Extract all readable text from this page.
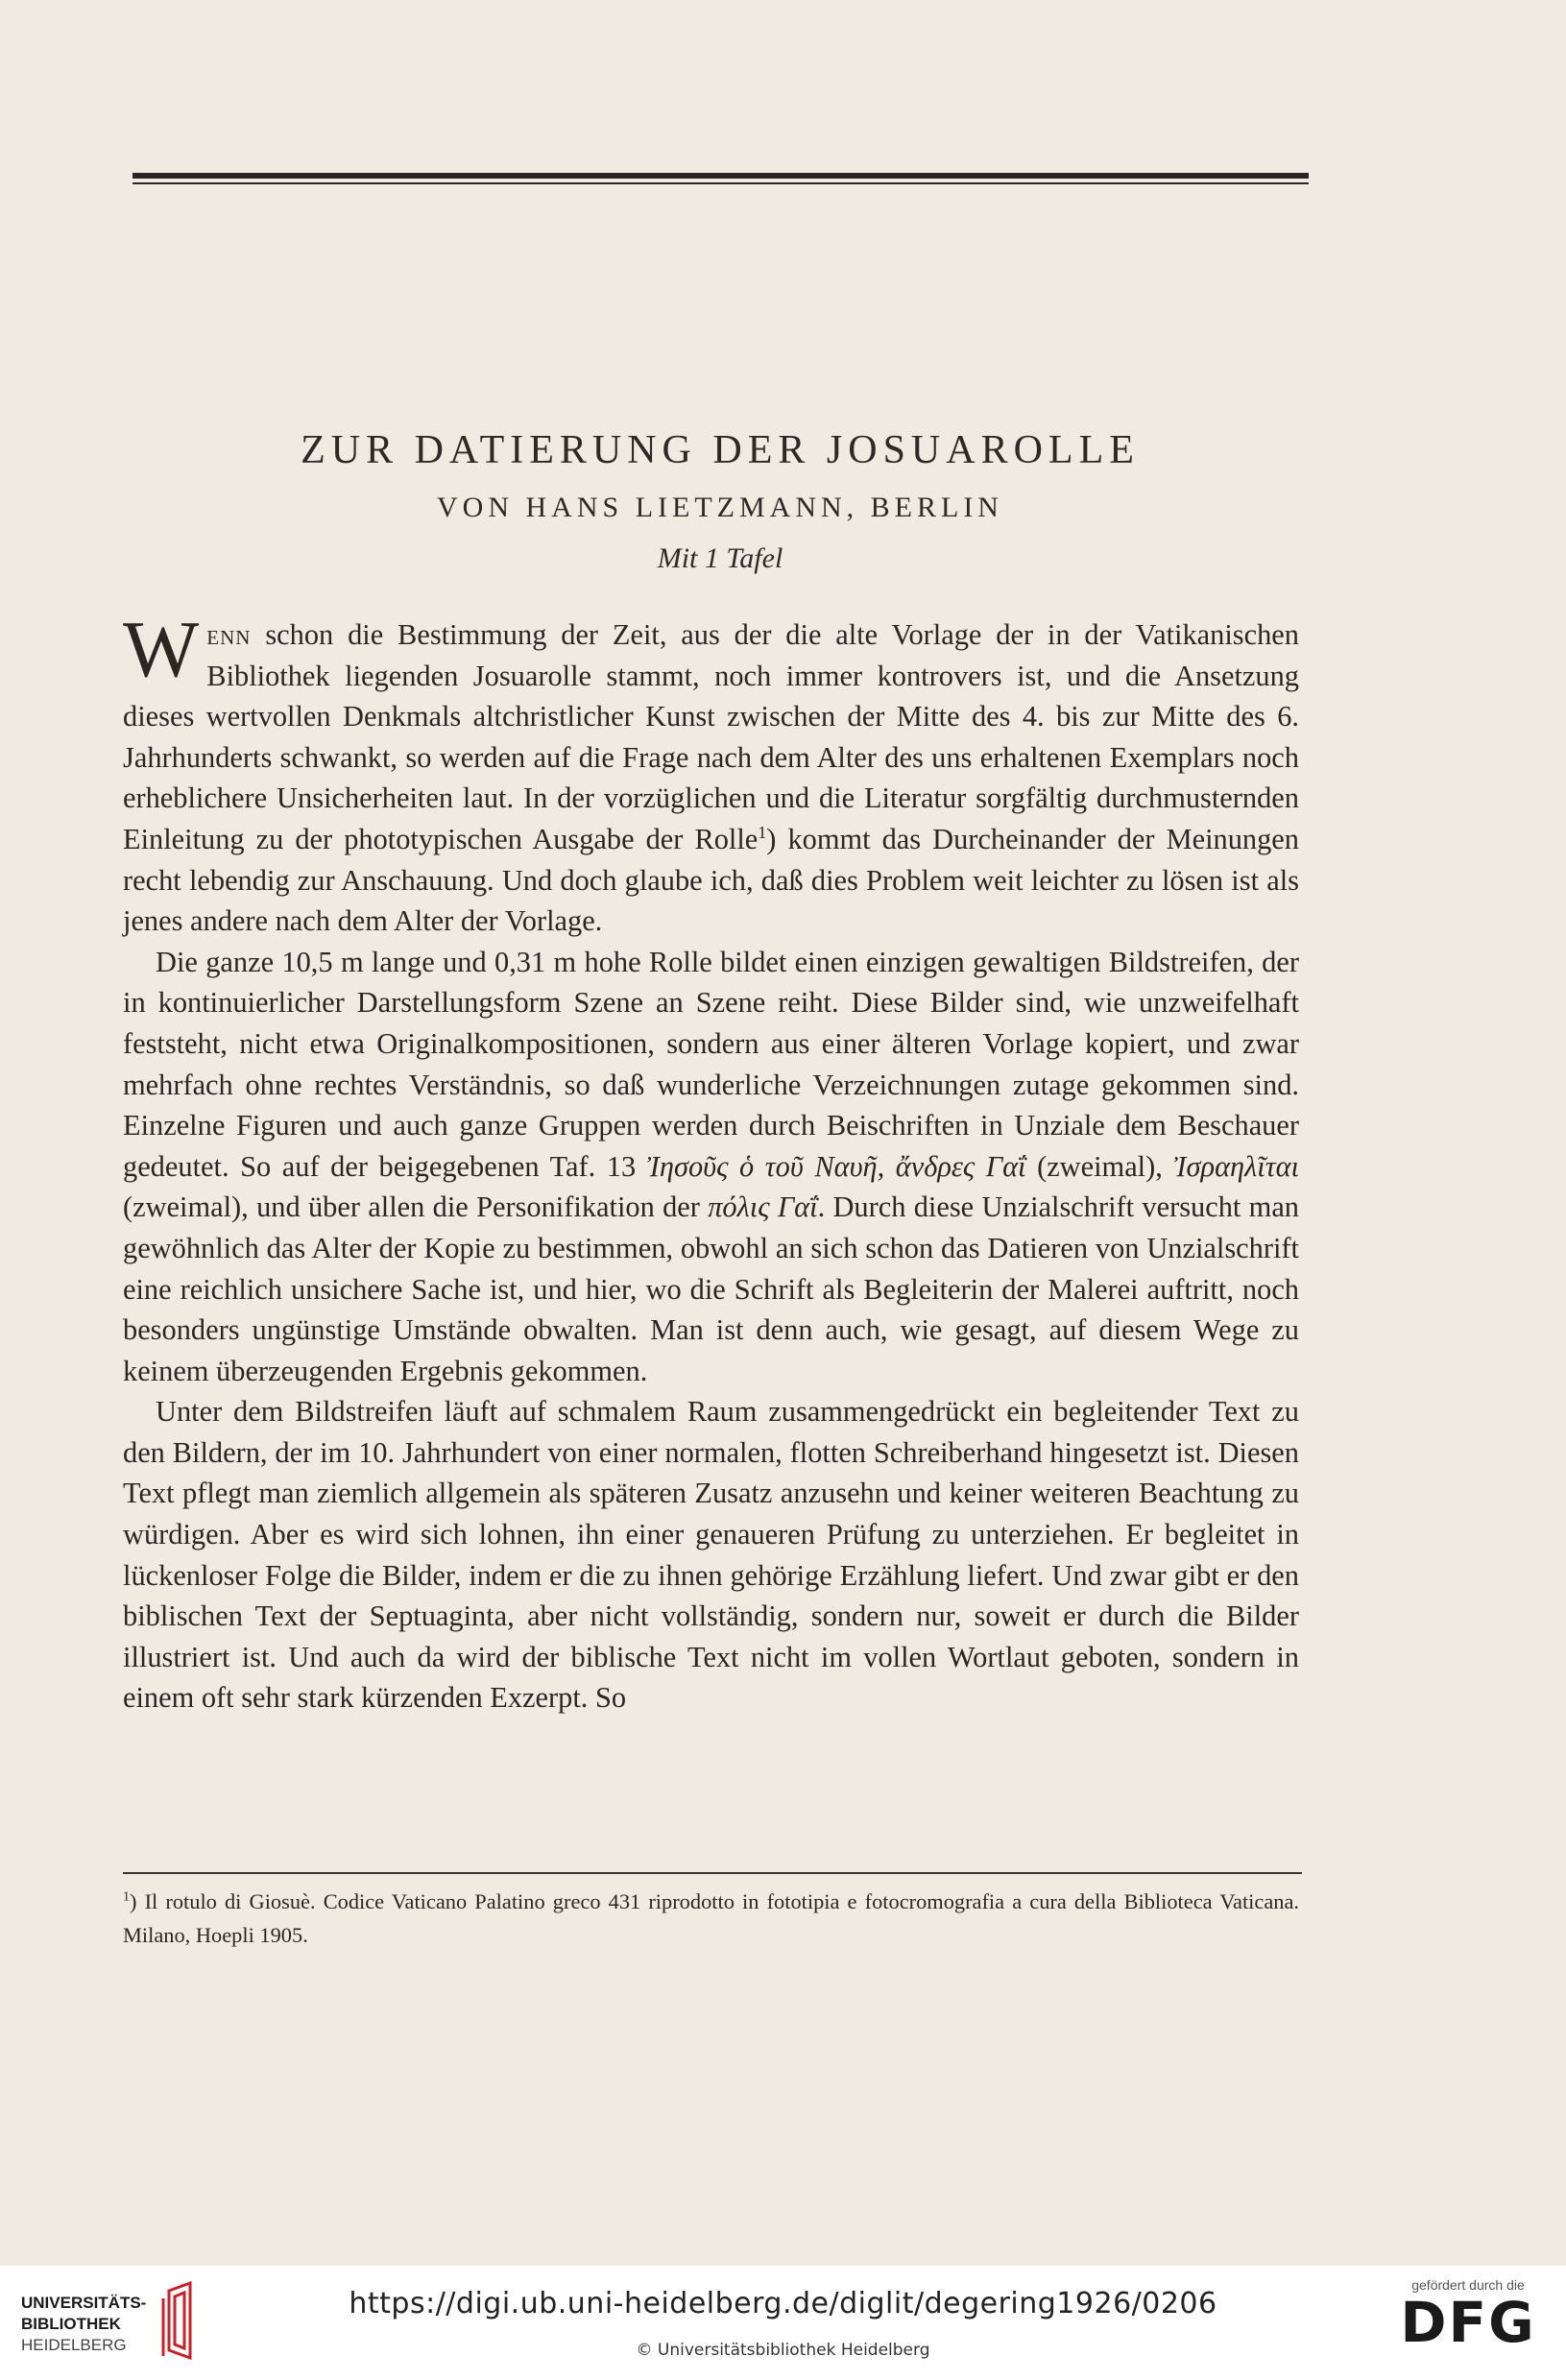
ZUR DATIERUNG DER JOSUAROLLE
VON HANS LIETZMANN, BERLIN
Mit 1 Tafel

Wenn schon die Bestimmung der Zeit, aus der die alte Vorlage der in der Vatikanischen Bibliothek liegenden Josuarolle stammt, noch immer kontrovers ist, und die Ansetzung dieses wertvollen Denkmals altchristlicher Kunst zwischen der Mitte des 4. bis zur Mitte des 6. Jahrhunderts schwankt, so werden auf die Frage nach dem Alter des uns erhaltenen Exemplars noch erheblichere Unsicherheiten laut. In der vorzüglichen und die Literatur sorgfältig durchmusternden Einleitung zu der phototypischen Ausgabe der Rolle$^1$) kommt das Durcheinander der Meinungen recht lebendig zur Anschauung. Und doch glaube ich, daß dies Problem weit leichter zu lösen ist als jenes andere nach dem Alter der Vorlage.

Die ganze 10,5 m lange und 0,31 m hohe Rolle bildet einen einzigen gewaltigen Bildstreifen, der in kontinuierlicher Darstellungsform Szene an Szene reiht. Diese Bilder sind, wie unzweifelhaft feststeht, nicht etwa Originalkompositionen, sondern aus einer älteren Vorlage kopiert, und zwar mehrfach ohne rechtes Verständnis, so daß wunderliche Verzeichnungen zutage gekommen sind. Einzelne Figuren und auch ganze Gruppen werden durch Beischriften in Unziale dem Beschauer gedeutet. So auf der beigegebenen Taf. 13 Ἰησοῦς ὁ τοῦ Ναυῆ, ἄνδρες Γαΐ (zweimal), Ἰσραηλῖται (zweimal), und über allen die Personifikation der πόλις Γαΐ. Durch diese Unzialschrift versucht man gewöhnlich das Alter der Kopie zu bestimmen, obwohl an sich schon das Datieren von Unzialschrift eine reichlich unsichere Sache ist, und hier, wo die Schrift als Begleiterin der Malerei auftritt, noch besonders ungünstige Umstände obwalten. Man ist denn auch, wie gesagt, auf diesem Wege zu keinem überzeugenden Ergebnis gekommen.

Unter dem Bildstreifen läuft auf schmalem Raum zusammengedrückt ein begleitender Text zu den Bildern, der im 10. Jahrhundert von einer normalen, flotten Schreiberhand hingesetzt ist. Diesen Text pflegt man ziemlich allgemein als späteren Zusatz anzusehn und keiner weiteren Beachtung zu würdigen. Aber es wird sich lohnen, ihn einer genaueren Prüfung zu unterziehen. Er begleitet in lückenloser Folge die Bilder, indem er die zu ihnen gehörige Erzählung liefert. Und zwar gibt er den biblischen Text der Septuaginta, aber nicht vollständig, sondern nur, soweit er durch die Bilder illustriert ist. Und auch da wird der biblische Text nicht im vollen Wortlaut geboten, sondern in einem oft sehr stark kürzenden Exzerpt. So

$^1$) Il rotulo di Giosuè. Codice Vaticano Palatino greco 431 riprodotto in fototipia e fotocromografia a cura della Biblioteca Vaticana. Milano, Hoepli 1905.
UNIVERSITÄTS-
BIBLIOTHEK
HEIDELBERG
https://digi.ub.uni-heidelberg.de/diglit/degering1926/0206
© Universitätsbibliothek Heidelberg
gefördert durch die
DFG
